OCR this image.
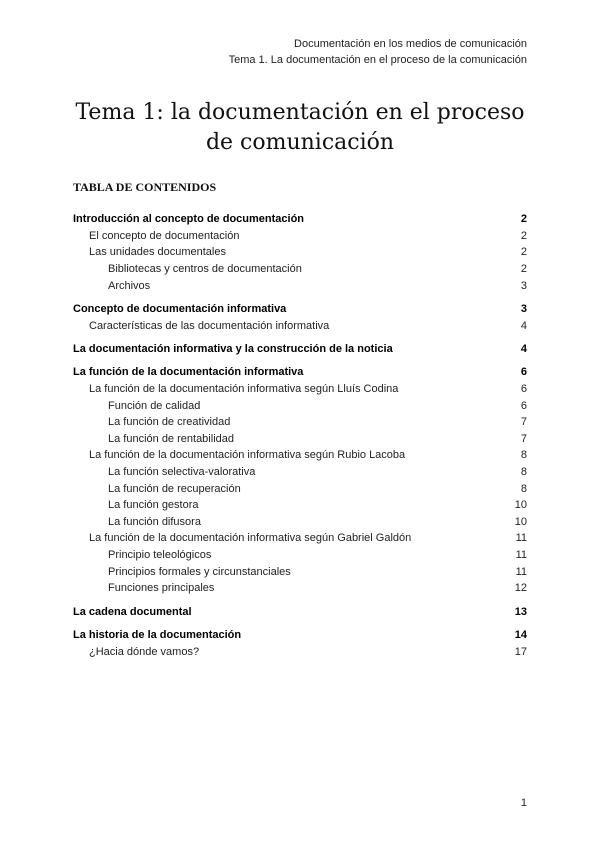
Documentación en los medios de comunicación
Tema 1. La documentación en el proceso de la comunicación
Tema 1: la documentación en el proceso de comunicación
TABLA DE CONTENIDOS
Introducción al concepto de documentación	2
El concepto de documentación	2
Las unidades documentales	2
Bibliotecas y centros de documentación	2
Archivos	3
Concepto de documentación informativa	3
Características de las documentación informativa	4
La documentación informativa y la construcción de la noticia	4
La función de la documentación informativa	6
La función de la documentación informativa según Lluís Codina	6
Función de calidad	6
La función de creatividad	7
La función de rentabilidad	7
La función de la documentación informativa según Rubio Lacoba	8
La función selectiva-valorativa	8
La función de recuperación	8
La función gestora	10
La función difusora	10
La función de la documentación informativa según Gabriel Galdón	11
Principio teleológicos	11
Principios formales y circunstanciales	11
Funciones principales	12
La cadena documental	13
La historia de la documentación	14
¿Hacia dónde vamos?	17
1
